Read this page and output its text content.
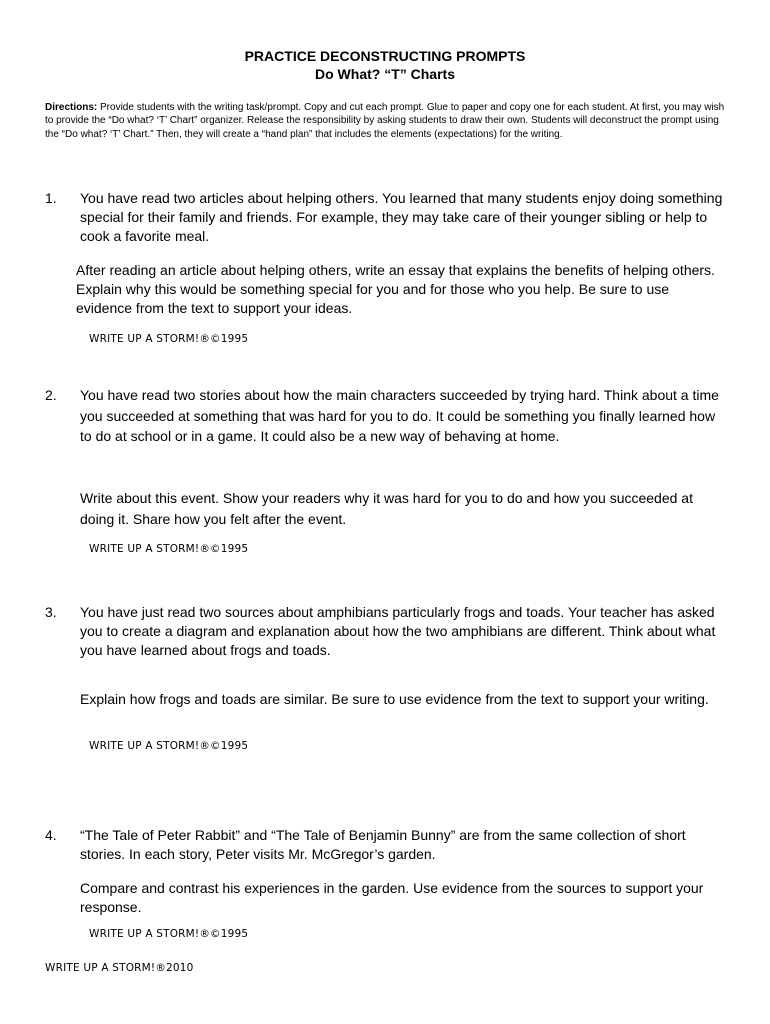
PRACTICE DECONSTRUCTING PROMPTS
Do What? “T” Charts
Directions: Provide students with the writing task/prompt. Copy and cut each prompt. Glue to paper and copy one for each student. At first, you may wish to provide the “Do what? ‘T’ Chart” organizer. Release the responsibility by asking students to draw their own. Students will deconstruct the prompt using the “Do what? ‘T’ Chart.” Then, they will create a “hand plan” that includes the elements (expectations) for the writing.
1. You have read two articles about helping others. You learned that many students enjoy doing something special for their family and friends. For example, they may take care of their younger sibling or help to cook a favorite meal.
After reading an article about helping others, write an essay that explains the benefits of helping others. Explain why this would be something special for you and for those who you help. Be sure to use evidence from the text to support your ideas.
WRITE UP A STORM!®©1995
2. You have read two stories about how the main characters succeeded by trying hard. Think about a time you succeeded at something that was hard for you to do. It could be something you finally learned how to do at school or in a game. It could also be a new way of behaving at home.
Write about this event. Show your readers why it was hard for you to do and how you succeeded at doing it. Share how you felt after the event.
WRITE UP A STORM!®©1995
3. You have just read two sources about amphibians particularly frogs and toads. Your teacher has asked you to create a diagram and explanation about how the two amphibians are different. Think about what you have learned about frogs and toads.
Explain how frogs and toads are similar. Be sure to use evidence from the text to support your writing.
WRITE UP A STORM!®©1995
4. “The Tale of Peter Rabbit” and “The Tale of Benjamin Bunny” are from the same collection of short stories. In each story, Peter visits Mr. McGregor’s garden.
Compare and contrast his experiences in the garden. Use evidence from the sources to support your response.
WRITE UP A STORM!®©1995
WRITE UP A STORM!®2010
